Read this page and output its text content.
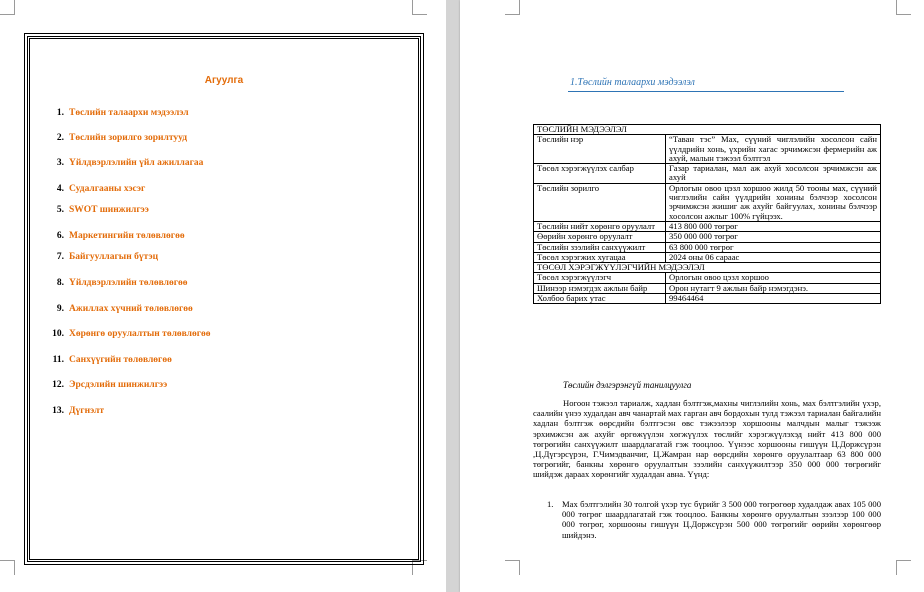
Агуулга
1. Төслийн талаархи мэдээлэл
2. Төслийн зорилго зорилтууд
3. Үйлдвэрлэлийн үйл ажиллагаа
4. Судалгааны хэсэг
5. SWOT шинжилгээ
6. Маркетингийн төлөвлөгөө
7. Байгууллагын бүтэц
8. Үйлдвэрлэлийн төлөвлөгөө
9. Ажиллах хүчний төлөвлөгөө
10. Хөрөнгө оруулалтын төлөвлөгөө
11. Санхүүгийн төлөвлөгөө
12. Эрсдэлийн шинжилгээ
13. Дүгнэлт
1.Төслийн талаархи мэдээлэл
ТӨСЛИЙН МЭДЭЭЛЭЛ	
Төслийн нэр	“Таван тэс” Мах, сүүний чиглэлийн хосолсон сайн үүлдрийн хонь, үхрийн хагас эрчимжсэн фермерийн аж ахуй, малын тэжээл бэлтгэл
Төсөл хэрэгжүүлэх салбар	Газар тариалан, мал аж ахуй хосолсон эрчимжсэн аж ахуй
Төслийн зорилго	Орлогын овоо цэзл хоршоо жилд 50 тооны мах, сүүний чиглэлийн сайн үүлдрийн хонины бэлчээр хосолсон эрчимжсэн жишиг аж ахуйг байгуулах, хонины бэлчээр хосолсон ажлыг 100% гүйцээх.
Төслийн нийт хөрөнгө оруулалт	413 800 000 төгрөг
Өөрийн хөрөнгө оруулалт	350 000 000 төгрөг
Төслийн зээлийн санхүүжилт	63 800 000 төгрөг
Төсөл хэрэгжих хугацаа	2024 оны 06 сараас
ТӨСӨЛ ХЭРЭГЖҮҮЛЭГЧИЙН МЭДЭЭЛЭЛ	
Төсөл хэрэгжүүлэгч	Орлогын овоо цэзл хоршоо
Шинээр нэмэгдэх ажлын байр	Орон нутагт 9 ажлын байр нэмэгдэнэ.
Холбоо барих утас	99464464
Төслийн дэлгэрэнгүй танилцуулга
Ногоон тэжээл тариалж, хадлан бэлтгэж,махны чиглэлийн хонь, мах бэлтгэлийн үхэр, саалийн үнээ худалдан авч чанартай мах гарган авч бордохын тулд тэжээл тариалан байгалийн хадлан бэлтгэж өөрсдийн бэлтгэсэн өвс тэжээлээр хоршооны малчдын малыг тэжээж эрхимжсэн аж ахуйг өргөжүүлэн хөгжүүлэх төслийг хэрэгжүүлэхэд нийт 413 800 000 төгрөгийн санхүүжилт шаардлагатай гэж тооцлоо. Үүнээс хоршооны гишүүн Ц.Доржсүрэн ,Ц.Дүгэрсүрэн, Г.Чимэдванчиг, Ц.Жамран нар өөрсдийн хөрөнгө оруулалтаар 63 800 000 төгрөгийг, банкны хөрөнгө оруулалтын зээлийн санхүүжилтээр 350 000 000 төгрөгийг шийдэж дараах хөрөнгийг худалдан авна. Үүнд:
1. Мах бэлтгэлийн 30 толгой үхэр тус бүрийг 3 500 000 төгрөгөөр худалдаж авах 105 000 000 төгрөг шаардлагатай гэж тооцлоо. Банкны хөрөнгө оруулалтын зээлээр 100 000 000 төгрөг, хоршооны гишүүн Ц.Доржсүрэн 500 000 төгрөгийг өөрийн хөрөнгөөр шийдэнэ.
